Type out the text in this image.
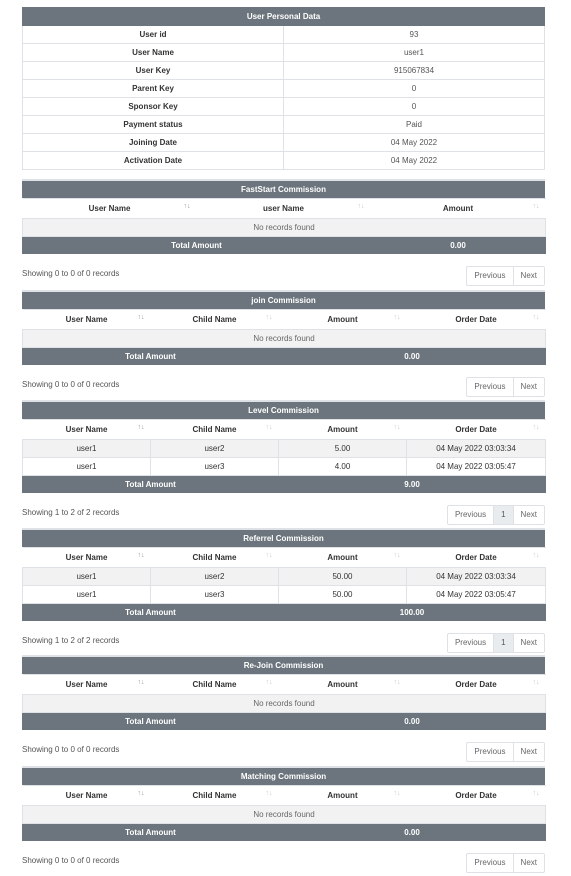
User Personal Data	
User id	93
User Name	user1
User Key	915067834
Parent Key	0
Sponsor Key	0
Payment status	Paid
Joining Date	04 May 2022
Activation Date	04 May 2022
FastStart Commission
User Name ↑↓	user Name ↑↓	Amount ↑↓

No records found		
Total Amount		0.00
Showing 0 to 0 of 0 records	Previous	Next
join Commission
User Name ↑↓	Child Name ↑↓	Amount ↑↓	Order Date ↑↓

No records found			
Total Amount		0.00	
Showing 0 to 0 of 0 records	Previous	Next
Level Commission
User Name ↑↓	Child Name ↑↓	Amount ↑↓	Order Date ↑↓

user1	user2	5.00	04 May 2022 03:03:34
user1	user3	4.00	04 May 2022 03:05:47
Total Amount		9.00	
Showing 1 to 2 of 2 records	Previous	1	Next
Referrel Commission
User Name ↑↓	Child Name ↑↓	Amount ↑↓	Order Date ↑↓

user1	user2	50.00	04 May 2022 03:03:34
user1	user3	50.00	04 May 2022 03:05:47
Total Amount		100.00	
Showing 1 to 2 of 2 records	Previous	1	Next
Re-Join Commission
User Name ↑↓	Child Name ↑↓	Amount ↑↓	Order Date ↑↓

No records found			
Total Amount		0.00	
Showing 0 to 0 of 0 records	Previous	Next
Matching Commission
User Name ↑↓	Child Name ↑↓	Amount ↑↓	Order Date ↑↓

No records found			
Total Amount		0.00	
Showing 0 to 0 of 0 records	Previous	Next
